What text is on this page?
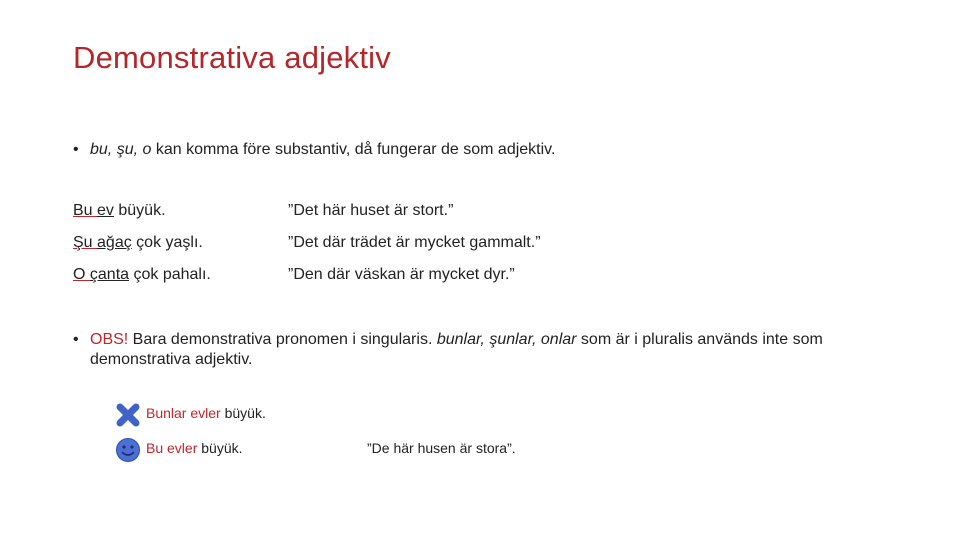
Demonstrativa adjektiv
• bu, şu, o kan komma före substantiv, då fungerar de som adjektiv.
Bu ev büyük.	”Det här huset är stort.”
Şu ağaç çok yaşlı.	”Det där trädet är mycket gammalt.”
O çanta çok pahalı.	”Den där väskan är mycket dyr.”
• OBS! Bara demonstrativa pronomen i singularis. bunlar, şunlar, onlar som är i pluralis används inte som demonstrativa adjektiv.
Bunlar evler büyük.
Bu evler büyük.	”De här husen är stora”.
